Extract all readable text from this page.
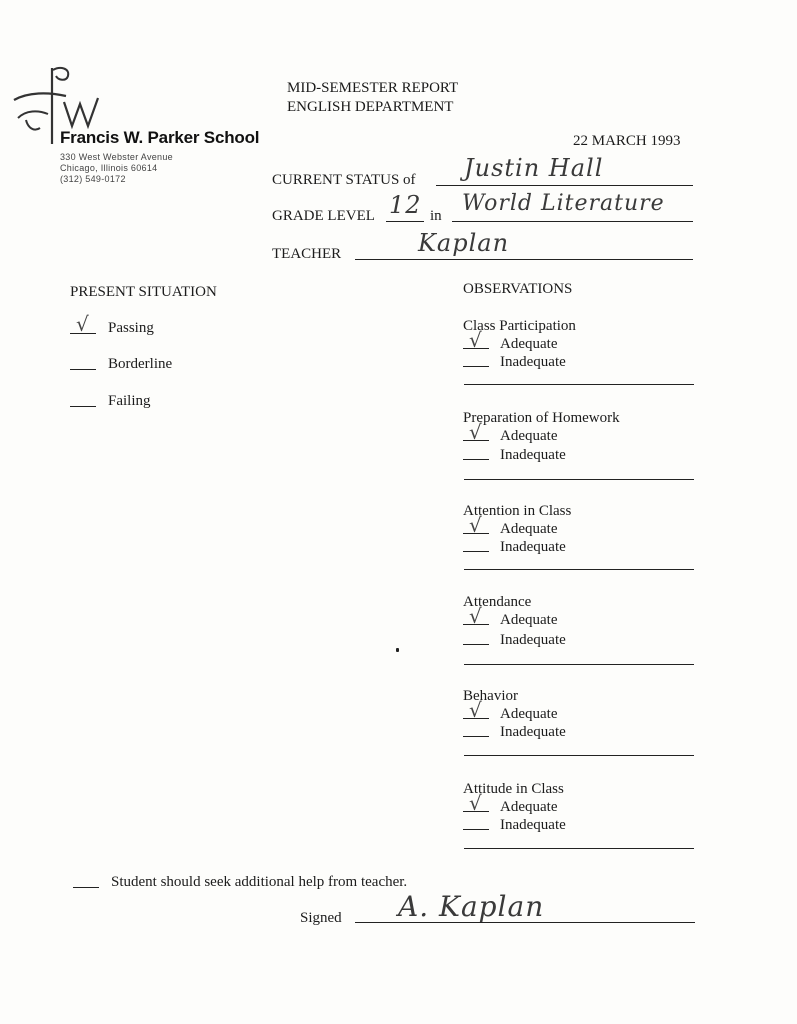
Francis W. Parker School
330 West Webster Avenue
Chicago, Illinois 60614
(312) 549-0172
MID-SEMESTER REPORT
ENGLISH DEPARTMENT
22 MARCH 1993
CURRENT STATUS of Justin Hall
GRADE LEVEL 12 in World Literature
TEACHER	Kaplan
PRESENT SITUATION
√ Passing
Borderline
Failing
OBSERVATIONS
Class Participation
√ Adequate
Inadequate
Preparation of Homework
√ Adequate
Inadequate
Attention in Class
√ Adequate
Inadequate
Attendance
√ Adequate
Inadequate
Behavior
√ Adequate
Inadequate
Attitude in Class
√ Adequate
Inadequate
Student should seek additional help from teacher.
Signed A. Kaplan
